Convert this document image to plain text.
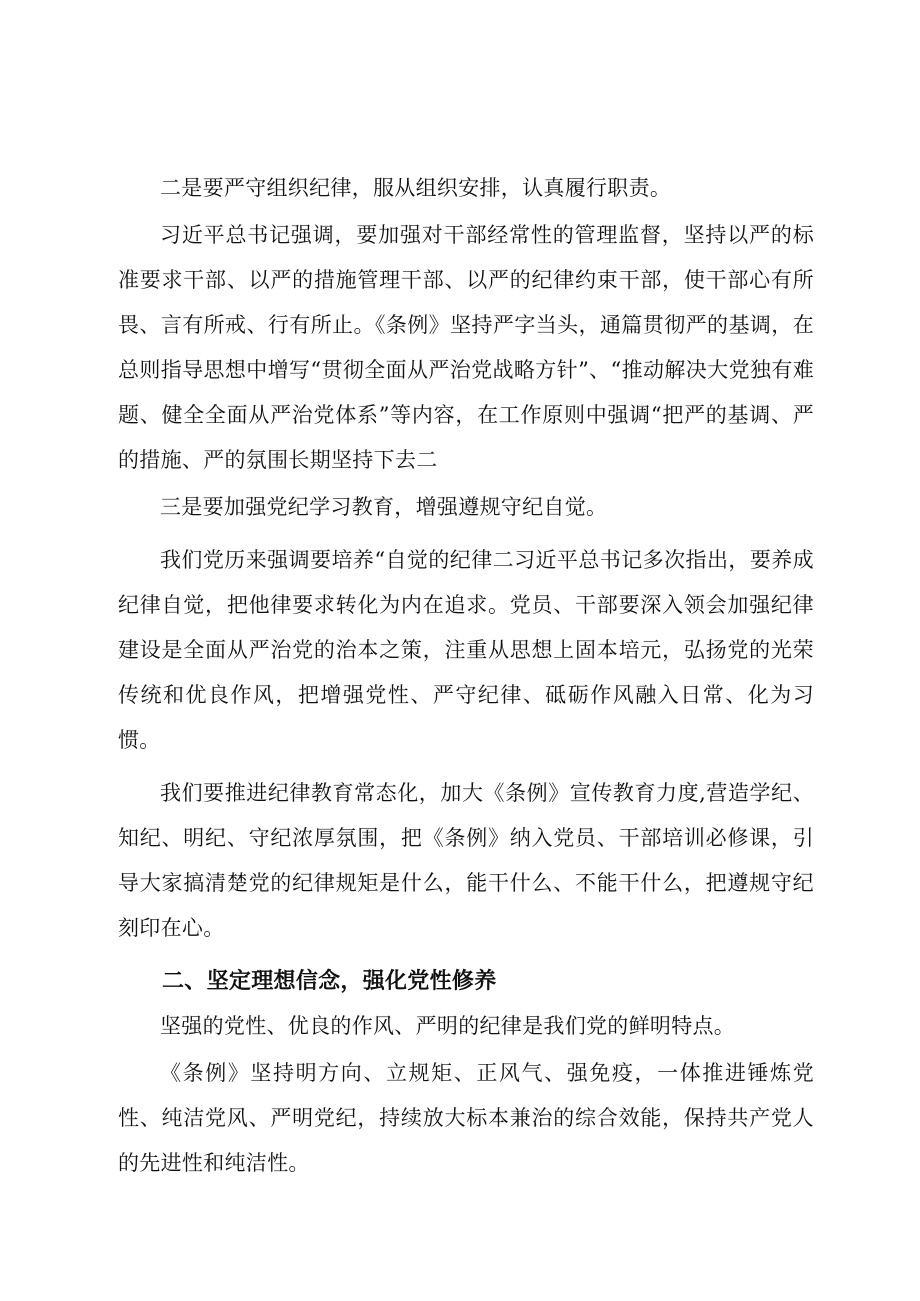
二是要严守组织纪律，服从组织安排，认真履行职责。

习近平总书记强调，要加强对干部经常性的管理监督，坚持以严的标准要求干部、以严的措施管理干部、以严的纪律约束干部，使干部心有所畏、言有所戒、行有所止。《条例》坚持严字当头，通篇贯彻严的基调，在总则指导思想中增写“贯彻全面从严治党战略方针”、“推动解决大党独有难题、健全全面从严治党体系”等内容，在工作原则中强调“把严的基调、严的措施、严的氛围长期坚持下去二

三是要加强党纪学习教育，增强遵规守纪自觉。

我们党历来强调要培养“自觉的纪律二习近平总书记多次指出，要养成纪律自觉，把他律要求转化为内在追求。党员、干部要深入领会加强纪律建设是全面从严治党的治本之策，注重从思想上固本培元，弘扬党的光荣传统和优良作风，把增强党性、严守纪律、砥砺作风融入日常、化为习惯。

我们要推进纪律教育常态化，加大《条例》宣传教育力度,营造学纪、知纪、明纪、守纪浓厚氛围，把《条例》纳入党员、干部培训必修课，引导大家搞清楚党的纪律规矩是什么，能干什么、不能干什么，把遵规守纪刻印在心。

二、坚定理想信念，强化党性修养

坚强的党性、优良的作风、严明的纪律是我们党的鲜明特点。

《条例》坚持明方向、立规矩、正风气、强免疫，一体推进锤炼党性、纯洁党风、严明党纪，持续放大标本兼治的综合效能，保持共产党人的先进性和纯洁性。
